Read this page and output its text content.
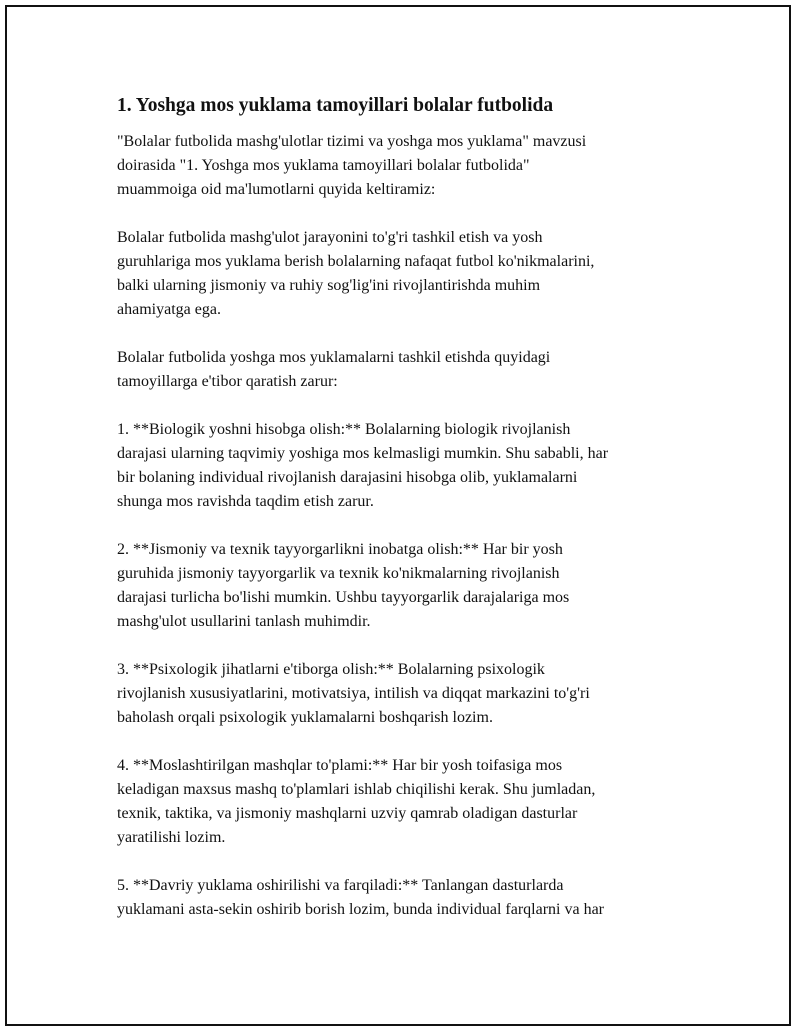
1. Yoshga mos yuklama tamoyillari bolalar futbolida
"Bolalar futbolida mashg'ulotlar tizimi va yoshga mos yuklama" mavzusi
doirasida "1. Yoshga mos yuklama tamoyillari bolalar futbolida"
muammoiga oid ma'lumotlarni quyida keltiramiz:
Bolalar futbolida mashg'ulot jarayonini to'g'ri tashkil etish va yosh
guruhlariga mos yuklama berish bolalarning nafaqat futbol ko'nikmalarini,
balki ularning jismoniy va ruhiy sog'lig'ini rivojlantirishda muhim
ahamiyatga ega.
Bolalar futbolida yoshga mos yuklamalarni tashkil etishda quyidagi
tamoyillarga e'tibor qaratish zarur:
1. **Biologik yoshni hisobga olish:** Bolalarning biologik rivojlanish
darajasi ularning taqvimiy yoshiga mos kelmasligi mumkin. Shu sababli, har
bir bolaning individual rivojlanish darajasini hisobga olib, yuklamalarni
shunga mos ravishda taqdim etish zarur.
2. **Jismoniy va texnik tayyorgarlikni inobatga olish:** Har bir yosh
guruhida jismoniy tayyorgarlik va texnik ko'nikmalarning rivojlanish
darajasi turlicha bo'lishi mumkin. Ushbu tayyorgarlik darajalariga mos
mashg'ulot usullarini tanlash muhimdir.
3. **Psixologik jihatlarni e'tiborga olish:** Bolalarning psixologik
rivojlanish xususiyatlarini, motivatsiya, intilish va diqqat markazini to'g'ri
baholash orqali psixologik yuklamalarni boshqarish lozim.
4. **Moslashtirilgan mashqlar to'plami:** Har bir yosh toifasiga mos
keladigan maxsus mashq to'plamlari ishlab chiqilishi kerak. Shu jumladan,
texnik, taktika, va jismoniy mashqlarni uzviy qamrab oladigan dasturlar
yaratilishi lozim.
5. **Davriy yuklama oshirilishi va farqiladi:** Tanlangan dasturlarda
yuklamani asta-sekin oshirib borish lozim, bunda individual farqlarni va har
